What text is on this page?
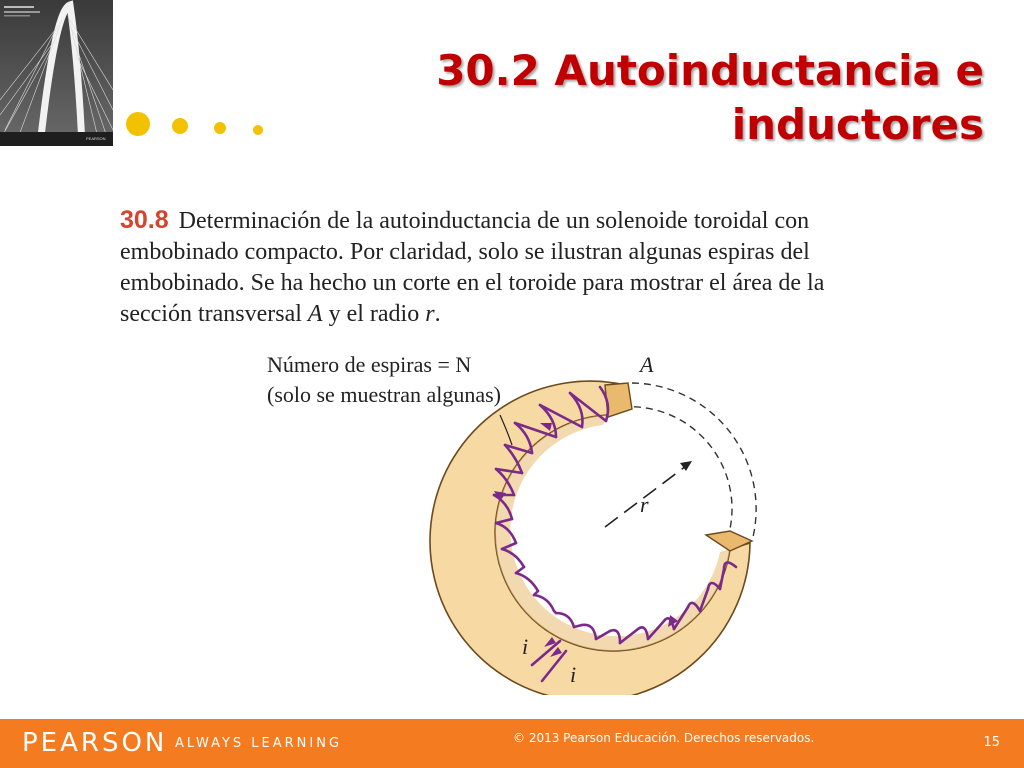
PEARSON
30.2 Autoinductancia e
inductores
30.8 Determinación de la autoinductancia de un solenoide toroidal con embobinado compacto. Por claridad, solo se ilustran algunas espiras del embobinado. Se ha hecho un corte en el toroide para mostrar el área de la sección transversal A y el radio r.
Número de espiras = N
(solo se muestran algunas)
A
r
i
i
PEARSON ALWAYS LEARNING	© 2013 Pearson Educación. Derechos reservados.	15
